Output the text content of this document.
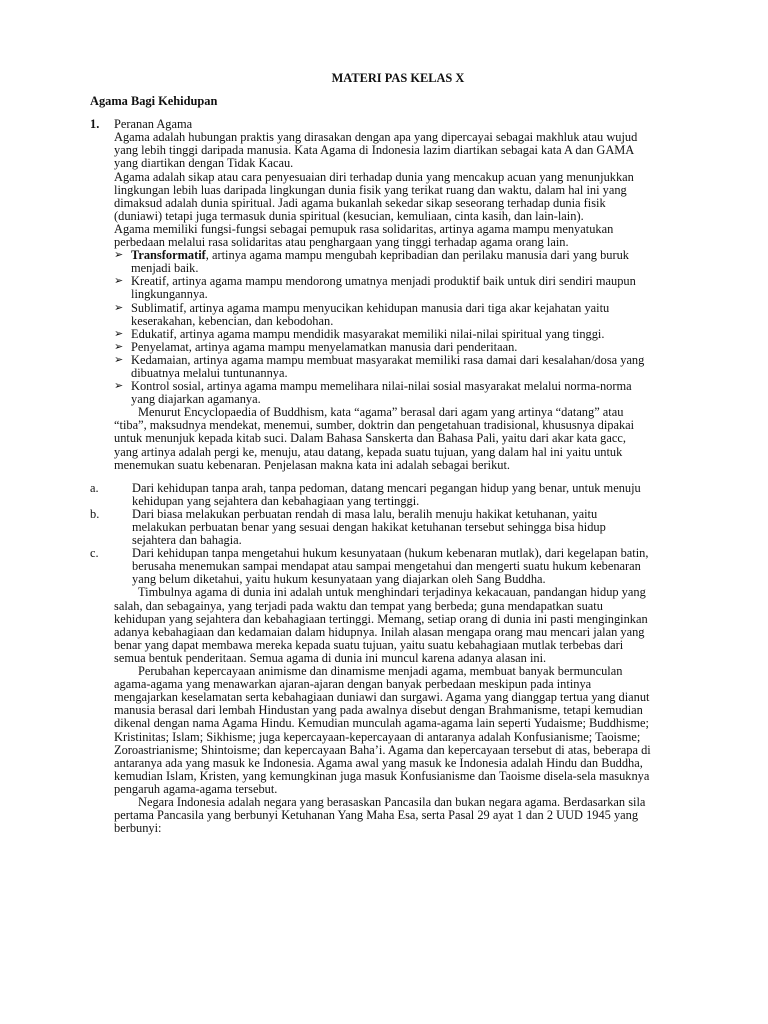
MATERI PAS KELAS X
Agama Bagi Kehidupan
1. Peranan Agama

Agama adalah hubungan praktis yang dirasakan dengan apa yang dipercayai sebagai makhluk atau wujud yang lebih tinggi daripada manusia. Kata Agama di Indonesia lazim diartikan sebagai kata A dan GAMA yang diartikan dengan Tidak Kacau.

Agama adalah sikap atau cara penyesuaian diri terhadap dunia yang mencakup acuan yang menunjukkan lingkungan lebih luas daripada lingkungan dunia fisik yang terikat ruang dan waktu, dalam hal ini yang dimaksud adalah dunia spiritual. Jadi agama bukanlah sekedar sikap seseorang terhadap dunia fisik (duniawi) tetapi juga termasuk dunia spiritual (kesucian, kemuliaan, cinta kasih, dan lain-lain).

Agama memiliki fungsi-fungsi sebagai pemupuk rasa solidaritas, artinya agama mampu menyatukan perbedaan melalui rasa solidaritas atau penghargaan yang tinggi terhadap agama orang lain.

➢ Transformatif, artinya agama mampu mengubah kepribadian dan perilaku manusia dari yang buruk menjadi baik.
➢ Kreatif, artinya agama mampu mendorong umatnya menjadi produktif baik untuk diri sendiri maupun lingkungannya.
➢ Sublimatif, artinya agama mampu menyucikan kehidupan manusia dari tiga akar kejahatan yaitu keserakahan, kebencian, dan kebodohan.
➢ Edukatif, artinya agama mampu mendidik masyarakat memiliki nilai-nilai spiritual yang tinggi.
➢ Penyelamat, artinya agama mampu menyelamatkan manusia dari penderitaan.
➢ Kedamaian, artinya agama mampu membuat masyarakat memiliki rasa damai dari kesalahan/dosa yang dibuatnya melalui tuntunannya.
➢ Kontrol sosial, artinya agama mampu memelihara nilai-nilai sosial masyarakat melalui norma-norma yang diajarkan agamanya.

Menurut Encyclopaedia of Buddhism, kata “agama” berasal dari agam yang artinya “datang” atau “tiba”, maksudnya mendekat, menemui, sumber, doktrin dan pengetahuan tradisional, khususnya dipakai untuk menunjuk kepada kitab suci. Dalam Bahasa Sanskerta dan Bahasa Pali, yaitu dari akar kata gacc, yang artinya adalah pergi ke, menuju, atau datang, kepada suatu tujuan, yang dalam hal ini yaitu untuk menemukan suatu kebenaran. Penjelasan makna kata ini adalah sebagai berikut.

a.	Dari kehidupan tanpa arah, tanpa pedoman, datang mencari pegangan hidup yang benar, untuk menuju kehidupan yang sejahtera dan kebahagiaan yang tertinggi.
b.	Dari biasa melakukan perbuatan rendah di masa lalu, beralih menuju hakikat ketuhanan, yaitu melakukan perbuatan benar yang sesuai dengan hakikat ketuhanan tersebut sehingga bisa hidup sejahtera dan bahagia.
c.	Dari kehidupan tanpa mengetahui hukum kesunyataan (hukum kebenaran mutlak), dari kegelapan batin, berusaha menemukan sampai mendapat atau sampai mengetahui dan mengerti suatu hukum kebenaran yang belum diketahui, yaitu hukum kesunyataan yang diajarkan oleh Sang Buddha.

Timbulnya agama di dunia ini adalah untuk menghindari terjadinya kekacauan, pandangan hidup yang salah, dan sebagainya, yang terjadi pada waktu dan tempat yang berbeda; guna mendapatkan suatu kehidupan yang sejahtera dan kebahagiaan tertinggi. Memang, setiap orang di dunia ini pasti menginginkan adanya kebahagiaan dan kedamaian dalam hidupnya. Inilah alasan mengapa orang mau mencari jalan yang benar yang dapat membawa mereka kepada suatu tujuan, yaitu suatu kebahagiaan mutlak terbebas dari semua bentuk penderitaan. Semua agama di dunia ini muncul karena adanya alasan ini.

Perubahan kepercayaan animisme dan dinamisme menjadi agama, membuat banyak bermunculan agama-agama yang menawarkan ajaran-ajaran dengan banyak perbedaan meskipun pada intinya mengajarkan keselamatan serta kebahagiaan duniawi dan surgawi. Agama yang dianggap tertua yang dianut manusia berasal dari lembah Hindustan yang pada awalnya disebut dengan Brahmanisme, tetapi kemudian dikenal dengan nama Agama Hindu. Kemudian munculah agama-agama lain seperti Yudaisme; Buddhisme; Kristinitas; Islam; Sikhisme; juga kepercayaan-kepercayaan di antaranya adalah Konfusianisme; Taoisme; Zoroastrianisme; Shintoisme; dan kepercayaan Baha’i. Agama dan kepercayaan tersebut di atas, beberapa di antaranya ada yang masuk ke Indonesia. Agama awal yang masuk ke Indonesia adalah Hindu dan Buddha, kemudian Islam, Kristen, yang kemungkinan juga masuk Konfusianisme dan Taoisme disela-sela masuknya pengaruh agama-agama tersebut.

Negara Indonesia adalah negara yang berasaskan Pancasila dan bukan negara agama. Berdasarkan sila pertama Pancasila yang berbunyi Ketuhanan Yang Maha Esa, serta Pasal 29 ayat 1 dan 2 UUD 1945 yang berbunyi:
